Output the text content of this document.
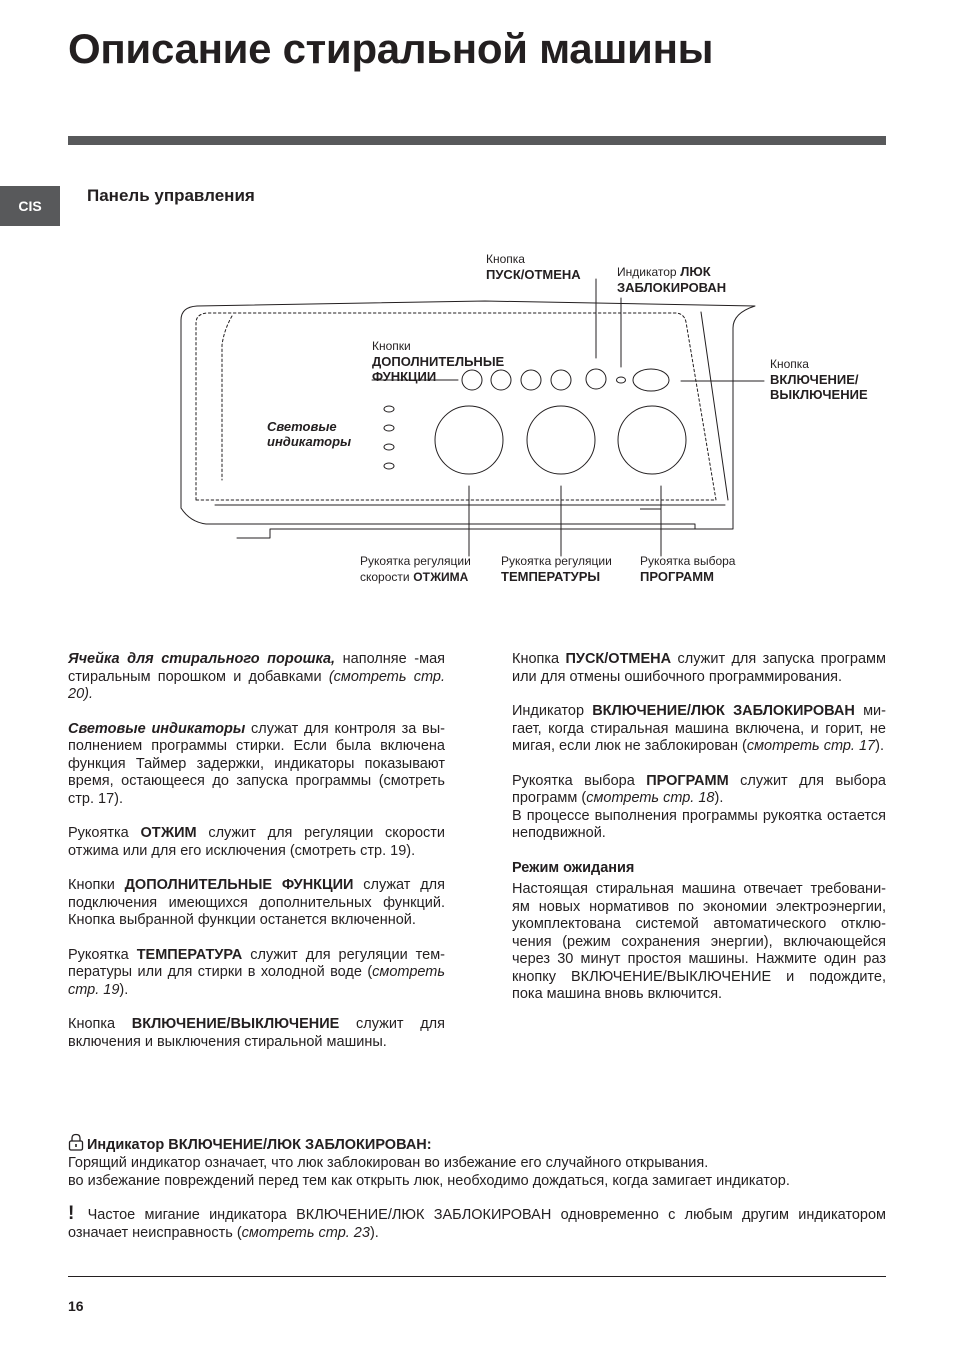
Описание стиральной машины
CIS
Панель управления
Кнопка
ПУСК/ОТМЕНА	Индикатор ЛЮК
ЗАБЛОКИРОВАН
Кнопки
ДОПОЛНИТЕЛЬНЫЕ
ФУНКЦИИ
Кнопка
ВКЛЮЧЕНИЕ/
ВЫКЛЮЧЕНИЕ
Световые
индикаторы
Рукоятка регуляции
скорости ОТЖИМА
Рукоятка регуляции
ТЕМПЕРАТУРЫ
Рукоятка выбора
ПРОГРАММ

Ячейка для стирального порошка, наполняе -мая стиральным порошком и добавками (смотреть стр. 20).

Световые индикаторы служат для контроля за вы-полнением программы стирки. Если была включена функция Таймер задержки, индикаторы показывают время, остающееся до запуска программы (смотреть стр. 17).

Рукоятка ОТЖИМ служит для регуляции скорости отжима или для его исключения (смотреть стр. 19).

Кнопки ДОПОЛНИТЕЛЬНЫЕ ФУНКЦИИ служат для подключения имеющихся дополнительных функций. Кнопка выбранной функции останется включенной.

Рукоятка ТЕМПЕРАТУРА служит для регуляции тем-пературы или для стирки в холодной воде (смотреть стр. 19).

Кнопка ВКЛЮЧЕНИЕ/ВЫКЛЮЧЕНИЕ служит для включения и выключения стиральной машины.

Кнопка ПУСК/ОТМЕНА служит для запуска программ или для отмены ошибочного программирования.

Индикатор ВКЛЮЧЕНИЕ/ЛЮК ЗАБЛОКИРОВАН ми-гает, когда стиральная машина включена, и горит, не мигая, если люк не заблокирован (смотреть стр. 17).

Рукоятка выбора ПРОГРАММ служит для выбора программ (смотреть стр. 18).
В процессе выполнения программы рукоятка остается неподвижной.

Режим ожидания

Настоящая стиральная машина отвечает требовани-ям новых нормативов по экономии электроэнергии, укомплектована системой автоматического отклю-чения (режим сохранения энергии), включающейся через 30 минут простоя машины. Нажмите один раз кнопку ВКЛЮЧЕНИЕ/ВЫКЛЮЧЕНИЕ и подождите, пока машина вновь включится.

Индикатор ВКЛЮЧЕНИЕ/ЛЮК ЗАБЛОКИРОВАН:

Горящий индикатор означает, что люк заблокирован во избежание его случайного открывания.

во избежание повреждений перед тем как открыть люк, необходимо дождаться, когда замигает индикатор.

! Частое мигание индикатора ВКЛЮЧЕНИЕ/ЛЮК ЗАБЛОКИРОВАН одновременно с любым другим индикатором означает неисправность (смотреть стр. 23).

16
